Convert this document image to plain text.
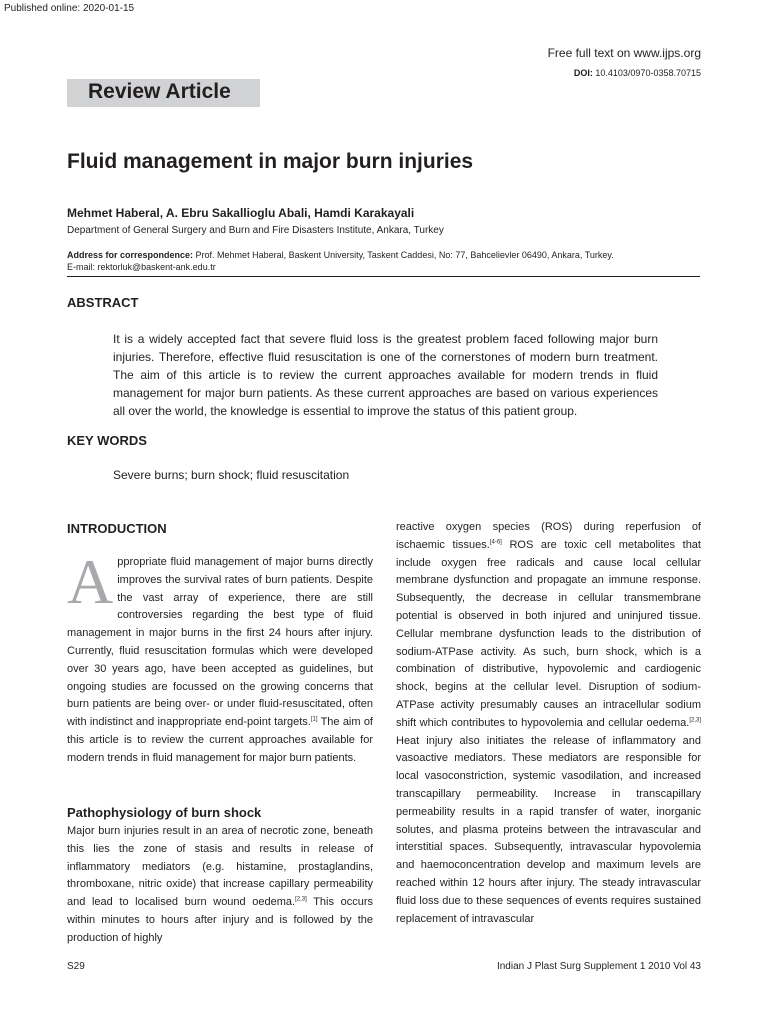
Published online: 2020-01-15
Free full text on www.ijps.org
DOI: 10.4103/0970-0358.70715
Review Article
Fluid management in major burn injuries
Mehmet Haberal, A. Ebru Sakallioglu Abali, Hamdi Karakayali
Department of General Surgery and Burn and Fire Disasters Institute, Ankara, Turkey
Address for correspondence: Prof. Mehmet Haberal, Baskent University, Taskent Caddesi, No: 77, Bahcelievler 06490, Ankara, Turkey.
E-mail: rektorluk@baskent-ank.edu.tr
ABSTRACT
It is a widely accepted fact that severe fluid loss is the greatest problem faced following major burn injuries. Therefore, effective fluid resuscitation is one of the cornerstones of modern burn treatment. The aim of this article is to review the current approaches available for modern trends in fluid management for major burn patients. As these current approaches are based on various experiences all over the world, the knowledge is essential to improve the status of this patient group.
KEY WORDS
Severe burns; burn shock; fluid resuscitation
INTRODUCTION
Appropriate fluid management of major burns directly improves the survival rates of burn patients. Despite the vast array of experience, there are still controversies regarding the best type of fluid management in major burns in the first 24 hours after injury. Currently, fluid resuscitation formulas which were developed over 30 years ago, have been accepted as guidelines, but ongoing studies are focussed on the growing concerns that burn patients are being over- or under fluid-resuscitated, often with indistinct and inappropriate end-point targets.[1] The aim of this article is to review the current approaches available for modern trends in fluid management for major burn patients.
Pathophysiology of burn shock
Major burn injuries result in an area of necrotic zone, beneath this lies the zone of stasis and results in release of inflammatory mediators (e.g. histamine, prostaglandins, thromboxane, nitric oxide) that increase capillary permeability and lead to localised burn wound oedema.[2,3] This occurs within minutes to hours after injury and is followed by the production of highly
reactive oxygen species (ROS) during reperfusion of ischaemic tissues.[4-6] ROS are toxic cell metabolites that include oxygen free radicals and cause local cellular membrane dysfunction and propagate an immune response. Subsequently, the decrease in cellular transmembrane potential is observed in both injured and uninjured tissue. Cellular membrane dysfunction leads to the distribution of sodium-ATPase activity. As such, burn shock, which is a combination of distributive, hypovolemic and cardiogenic shock, begins at the cellular level. Disruption of sodium-ATPase activity presumably causes an intracellular sodium shift which contributes to hypovolemia and cellular oedema.[2,3] Heat injury also initiates the release of inflammatory and vasoactive mediators. These mediators are responsible for local vasoconstriction, systemic vasodilation, and increased transcapillary permeability. Increase in transcapillary permeability results in a rapid transfer of water, inorganic solutes, and plasma proteins between the intravascular and interstitial spaces. Subsequently, intravascular hypovolemia and haemoconcentration develop and maximum levels are reached within 12 hours after injury. The steady intravascular fluid loss due to these sequences of events requires sustained replacement of intravascular
S29	Indian J Plast Surg Supplement 1 2010 Vol 43
